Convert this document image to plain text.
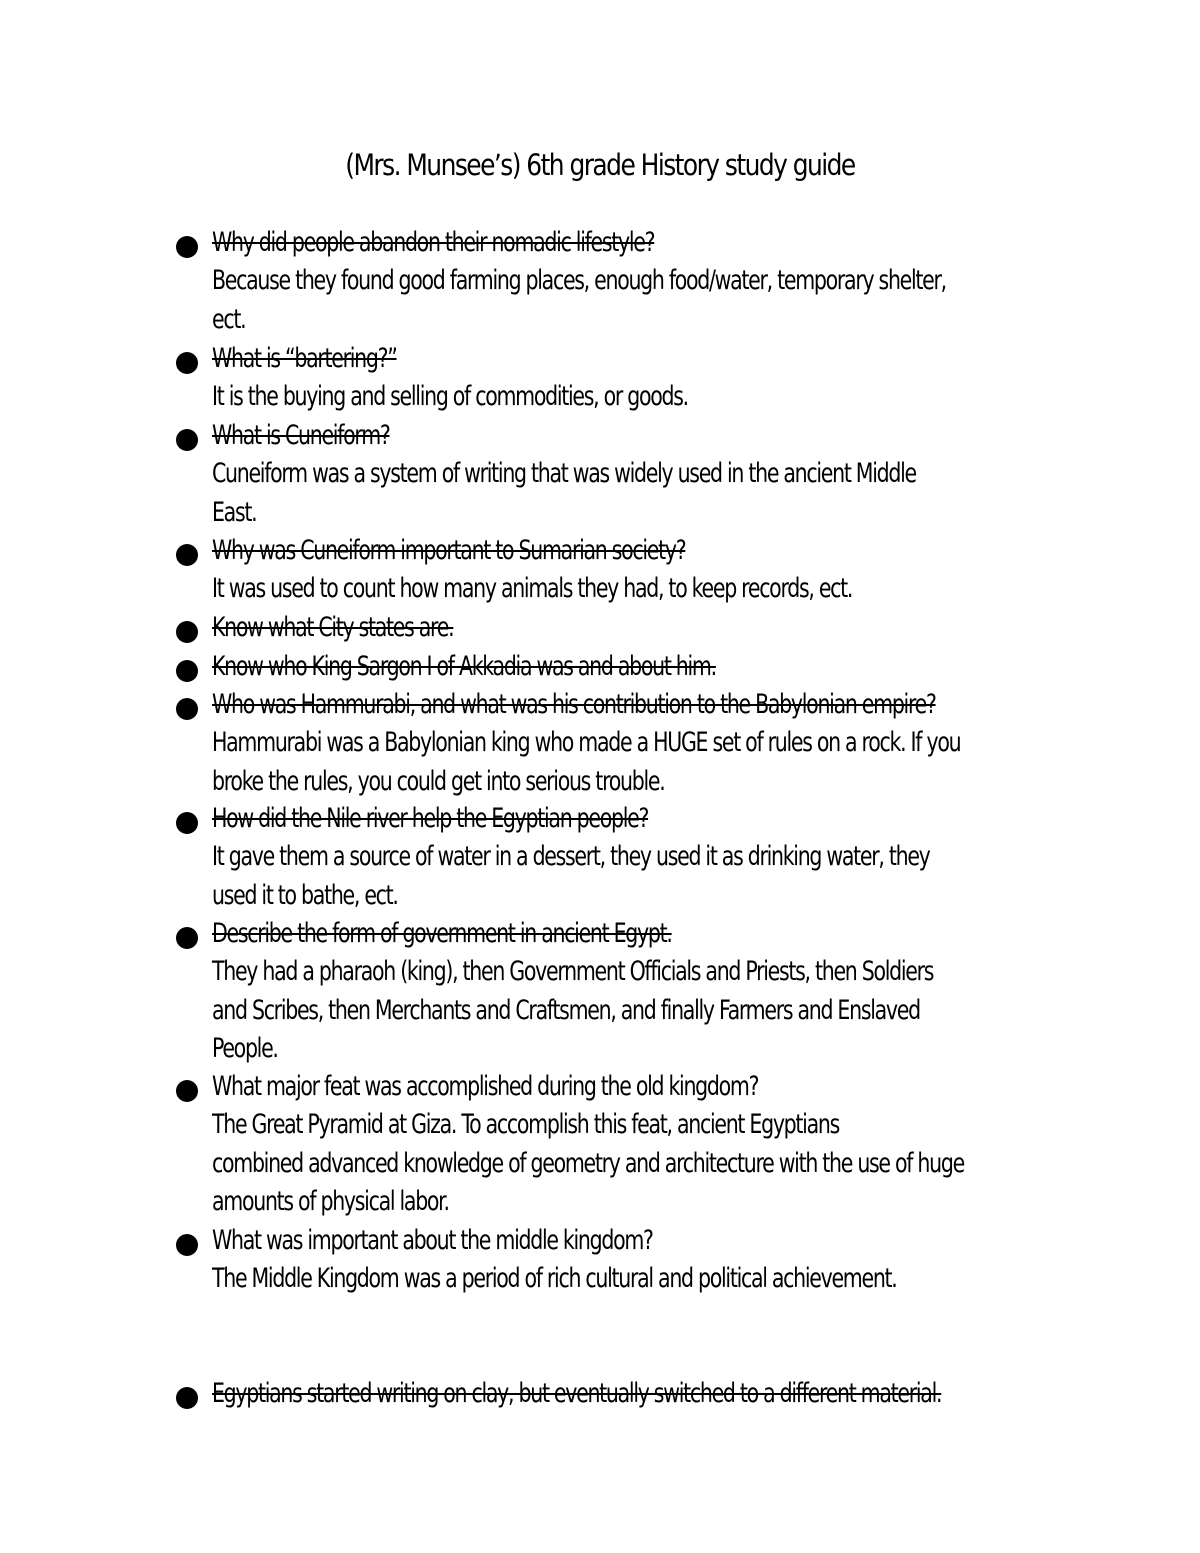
(Mrs. Munsee’s) 6th grade History study guide

Why did people abandon their nomadic lifestyle?

Because they found good farming places, enough food/water, temporary shelter,

ect.

What is “bartering?”

It is the buying and selling of commodities, or goods.

What is Cuneiform?

Cuneiform was a system of writing that was widely used in the ancient Middle

East.

Why was Cuneiform important to Sumarian society?

It was used to count how many animals they had, to keep records, ect.

Know what City states are.

Know who King Sargon I of Akkadia was and about him.

Who was Hammurabi, and what was his contribution to the Babylonian empire?

Hammurabi was a Babylonian king who made a HUGE set of rules on a rock. If you

broke the rules, you could get into serious trouble.

How did the Nile river help the Egyptian people?

It gave them a source of water in a dessert, they used it as drinking water, they

used it to bathe, ect.

Describe the form of government in ancient Egypt.

They had a pharaoh (king), then Government Officials and Priests, then Soldiers

and Scribes, then Merchants and Craftsmen, and finally Farmers and Enslaved

People.

What major feat was accomplished during the old kingdom?

The Great Pyramid at Giza. To accomplish this feat, ancient Egyptians

combined advanced knowledge of geometry and architecture with the use of huge

amounts of physical labor.

What was important about the middle kingdom?

The Middle Kingdom was a period of rich cultural and political achievement.

Egyptians started writing on clay, but eventually switched to a different material.
